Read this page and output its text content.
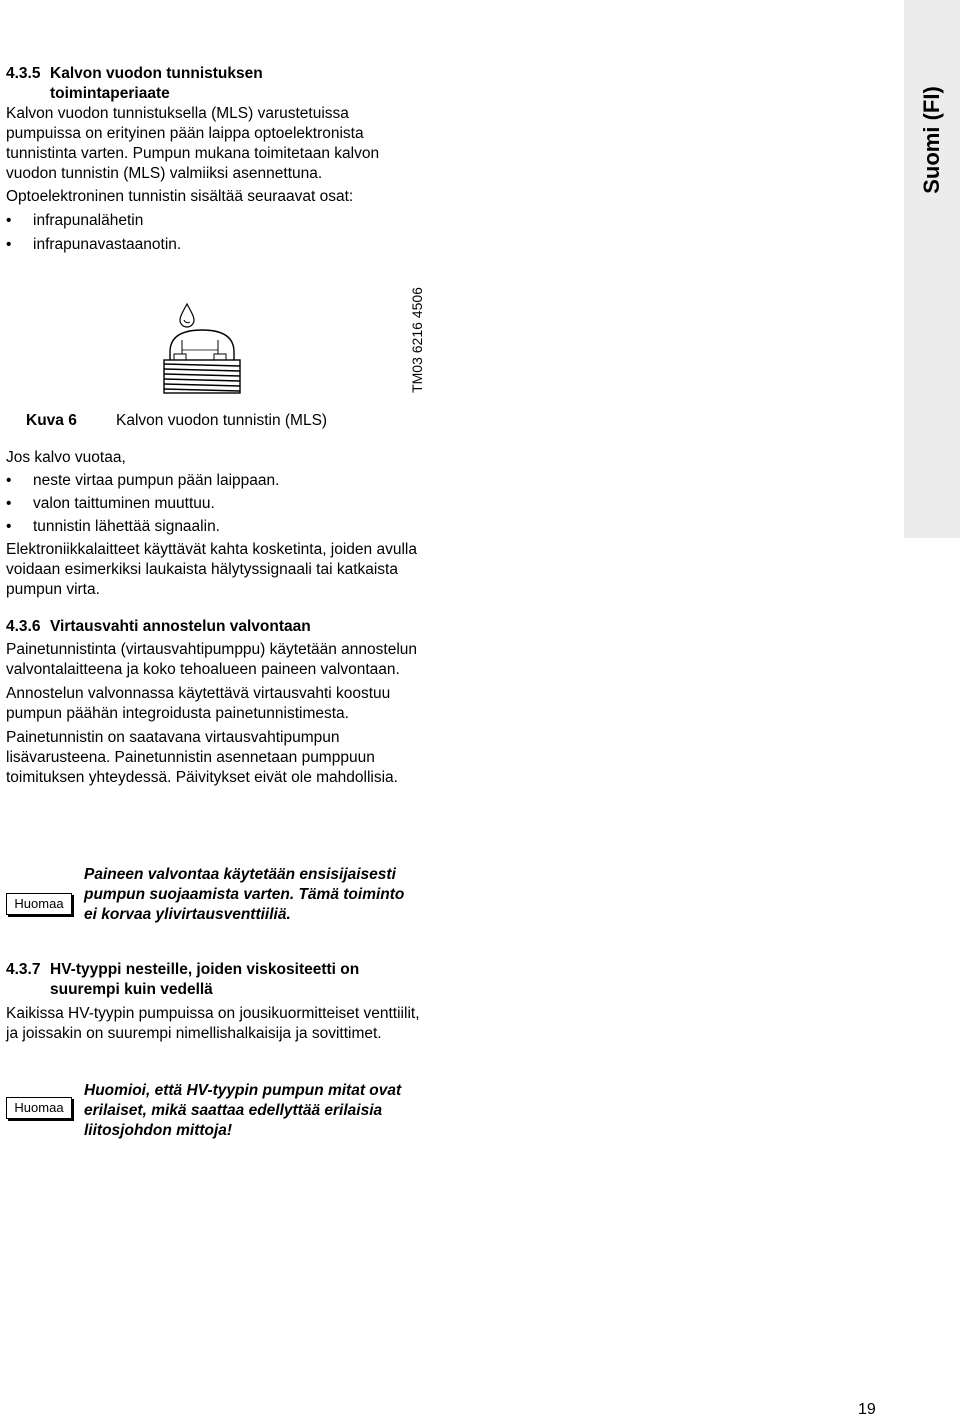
Suomi (FI)
4.3.5 Kalvon vuodon tunnistuksen
toimintaperiaate

Kalvon vuodon tunnistuksella (MLS) varustetuissa pumpuissa on erityinen pään laippa optoelektronista tunnistinta varten. Pumpun mukana toimitetaan kalvon vuodon tunnistin (MLS) valmiiksi asennettuna.

Optoelektroninen tunnistin sisältää seuraavat osat:

• infrapunalähetin
• infrapunavastaanotin.
TM03 6216 4506
Kuva 6	Kalvon vuodon tunnistin (MLS)

Jos kalvo vuotaa,

• neste virtaa pumpun pään laippaan.
• valon taittuminen muuttuu.
• tunnistin lähettää signaalin.

Elektroniikkalaitteet käyttävät kahta kosketinta, joiden avulla voidaan esimerkiksi laukaista hälytyssignaali tai katkaista pumpun virta.

4.3.6 Virtausvahti annostelun valvontaan

Painetunnistinta (virtausvahtipumppu) käytetään annostelun valvontalaitteena ja koko tehoalueen paineen valvontaan.

Annostelun valvonnassa käytettävä virtausvahti koostuu pumpun päähän integroidusta painetunnistimesta.

Painetunnistin on saatavana virtausvahtipumpun lisävarusteena. Painetunnistin asennetaan pumppuun toimituksen yhteydessä. Päivitykset eivät ole mahdollisia.

Huomaa
Paineen valvontaa käytetään ensisijaisesti pumpun suojaamista varten. Tämä toiminto ei korvaa ylivirtausventtiiliä.
4.3.7 HV-tyyppi nesteille, joiden viskositeetti on
suurempi kuin vedellä

Kaikissa HV-tyypin pumpuissa on jousikuormitteiset venttiilit, ja joissakin on suurempi nimellishalkaisija ja sovittimet.

Huomaa
Huomioi, että HV-tyypin pumpun mitat ovat erilaiset, mikä saattaa edellyttää erilaisia liitosjohdon mittoja!
19
